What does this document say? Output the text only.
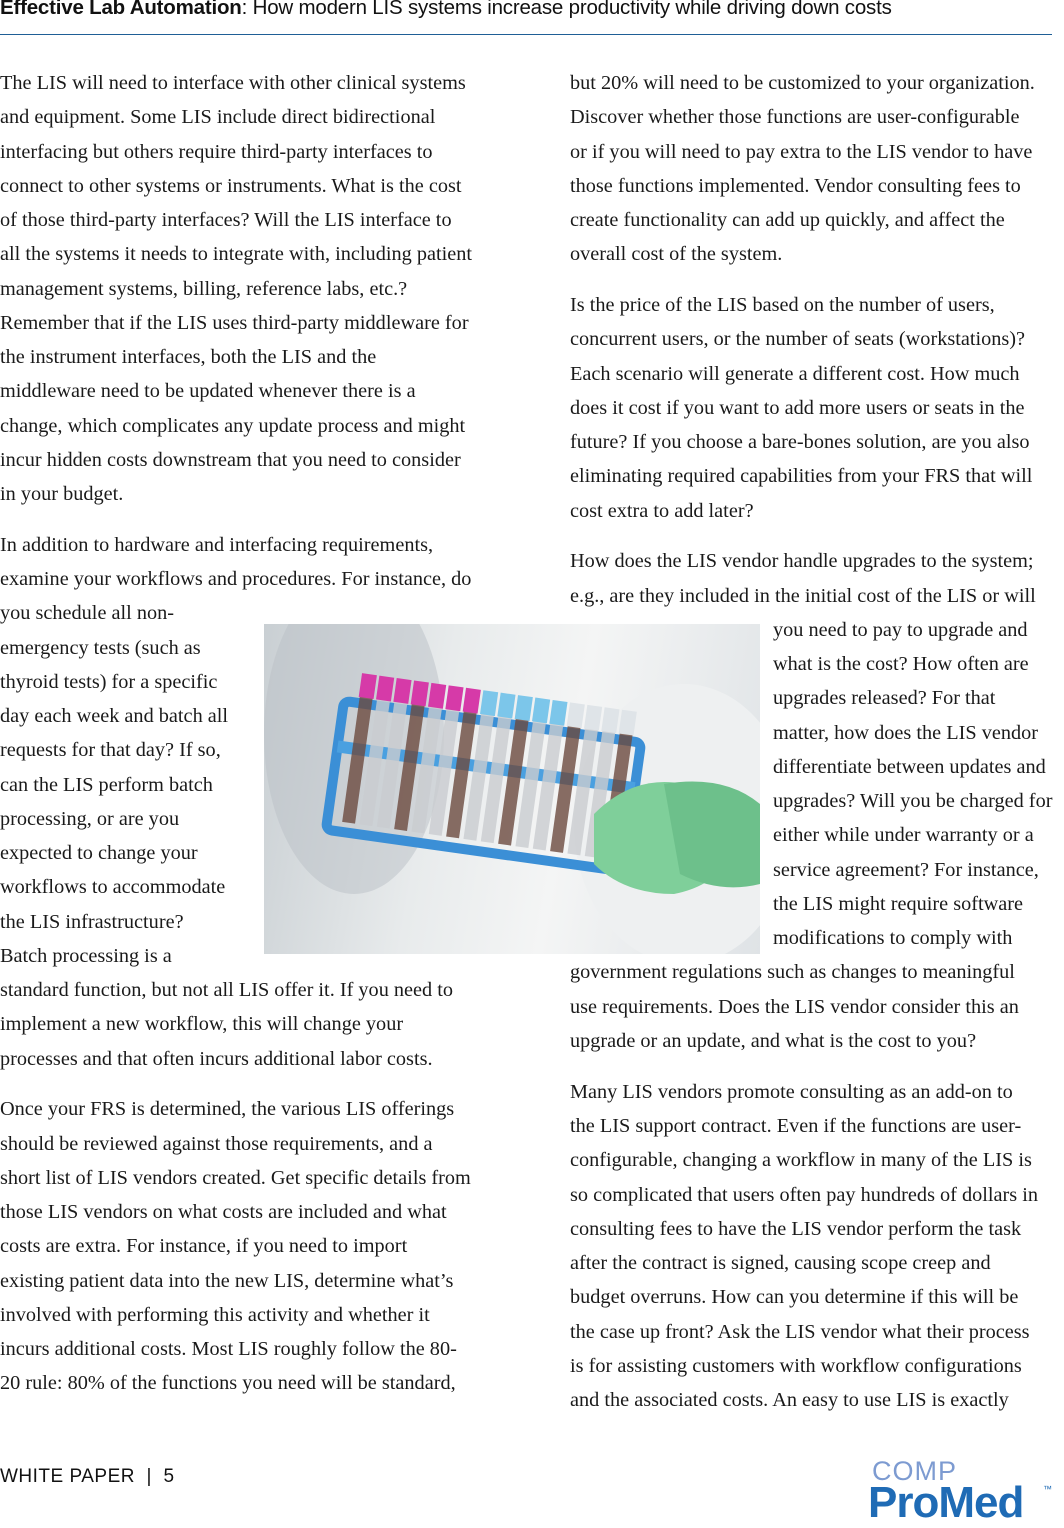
Effective Lab Automation: How modern LIS systems increase productivity while driving down costs
The LIS will need to interface with other clinical systems
and equipment. Some LIS include direct bidirectional
interfacing but others require third-party interfaces to
connect to other systems or instruments. What is the cost
of those third-party interfaces? Will the LIS interface to
all the systems it needs to integrate with, including patient
management systems, billing, reference labs, etc.?
Remember that if the LIS uses third-party middleware for
the instrument interfaces, both the LIS and the
middleware need to be updated whenever there is a
change, which complicates any update process and might
incur hidden costs downstream that you need to consider
in your budget.
In addition to hardware and interfacing requirements,
examine your workflows and procedures. For instance, do
you schedule all non-
emergency tests (such as
thyroid tests) for a specific
day each week and batch all
requests for that day? If so,
can the LIS perform batch
processing, or are you
expected to change your
workflows to accommodate
the LIS infrastructure?
Batch processing is a
standard function, but not all LIS offer it. If you need to
implement a new workflow, this will change your
processes and that often incurs additional labor costs.
Once your FRS is determined, the various LIS offerings
should be reviewed against those requirements, and a
short list of LIS vendors created. Get specific details from
those LIS vendors on what costs are included and what
costs are extra. For instance, if you need to import
existing patient data into the new LIS, determine what’s
involved with performing this activity and whether it
incurs additional costs. Most LIS roughly follow the 80-
20 rule: 80% of the functions you need will be standard,
but 20% will need to be customized to your organization.
Discover whether those functions are user-configurable
or if you will need to pay extra to the LIS vendor to have
those functions implemented. Vendor consulting fees to
create functionality can add up quickly, and affect the
overall cost of the system.
Is the price of the LIS based on the number of users,
concurrent users, or the number of seats (workstations)?
Each scenario will generate a different cost. How much
does it cost if you want to add more users or seats in the
future? If you choose a bare-bones solution, are you also
eliminating required capabilities from your FRS that will
cost extra to add later?
How does the LIS vendor handle upgrades to the system;
e.g., are they included in the initial cost of the LIS or will
you need to pay to upgrade and
what is the cost? How often are
upgrades released? For that
matter, how does the LIS vendor
differentiate between updates and
upgrades? Will you be charged for
either while under warranty or a
service agreement? For instance,
the LIS might require software
modifications to comply with
government regulations such as changes to meaningful
use requirements. Does the LIS vendor consider this an
upgrade or an update, and what is the cost to you?
Many LIS vendors promote consulting as an add-on to
the LIS support contract. Even if the functions are user-
configurable, changing a workflow in many of the LIS is
so complicated that users often pay hundreds of dollars in
consulting fees to have the LIS vendor perform the task
after the contract is signed, causing scope creep and
budget overruns. How can you determine if this will be
the case up front? Ask the LIS vendor what their process
is for assisting customers with workflow configurations
and the associated costs. An easy to use LIS is exactly
WHITE PAPER  |  5	COMP
ProMed ™
